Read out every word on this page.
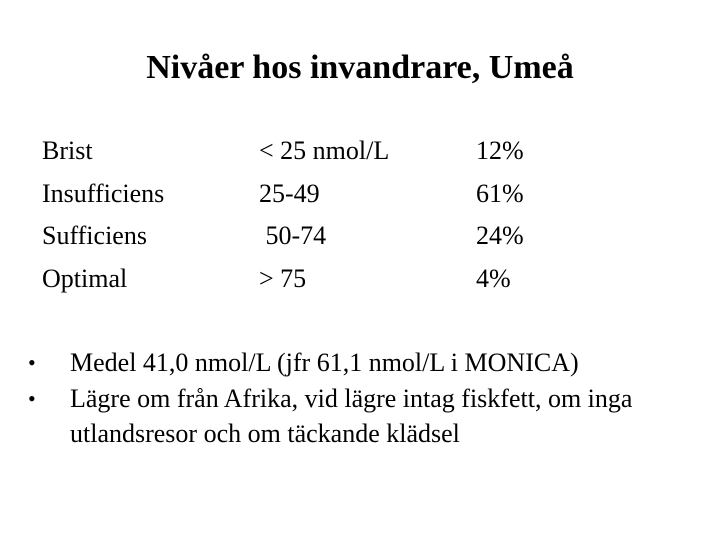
Nivåer hos invandrare, Umeå
Brist	< 25 nmol/L	12%
Insufficiens	25-49	61%
Sufficiens	50-74	24%
Optimal	> 75	4%
•	Medel 41,0 nmol/L (jfr 61,1 nmol/L i MONICA)
•	Lägre om från Afrika, vid lägre intag fiskfett, om inga utlandsresor och om täckande klädsel
